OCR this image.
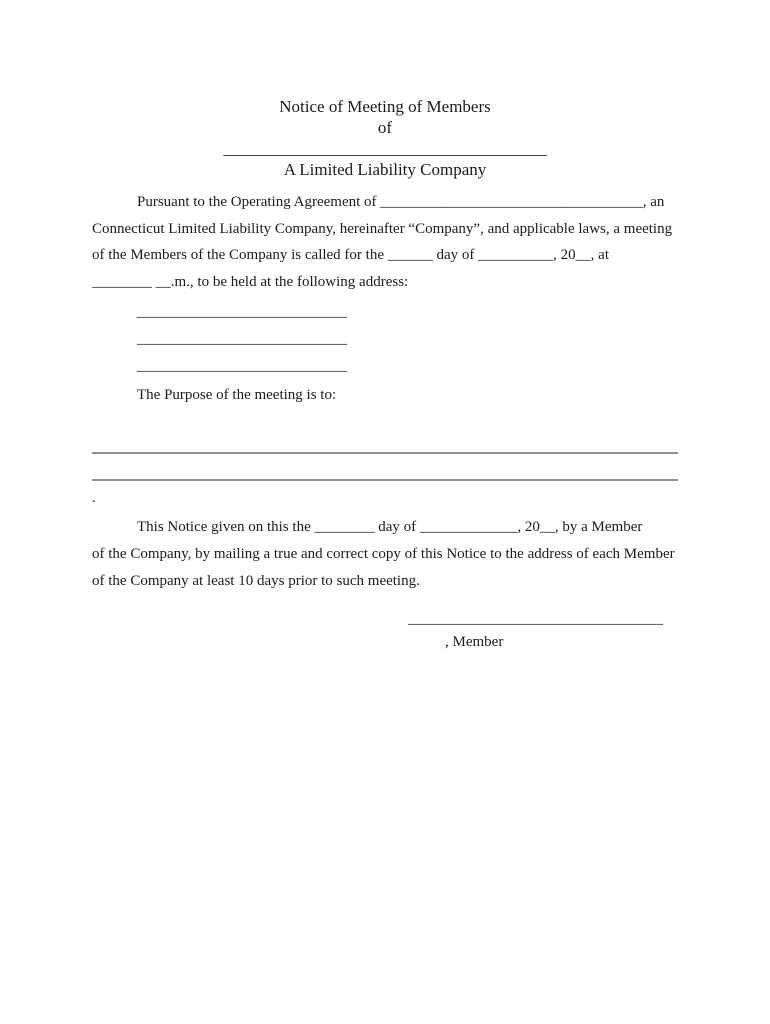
Notice of Meeting of Members
of
______________________________________
A Limited Liability Company
Pursuant to the Operating Agreement of ___________________________________, an
Connecticut Limited Liability Company, hereinafter “Company”, and applicable laws, a meeting
of the Members of the Company is called for the ______ day of __________, 20__, at
________ __.m., to be held at the following address:
____________________________
____________________________
____________________________
The Purpose of the meeting is to:
.
This Notice given on this the ________ day of _____________, 20__, by a Member
of the Company, by mailing a true and correct copy of this Notice to the address of each Member
of the Company at least 10 days prior to such meeting.
__________________________________
, Member
